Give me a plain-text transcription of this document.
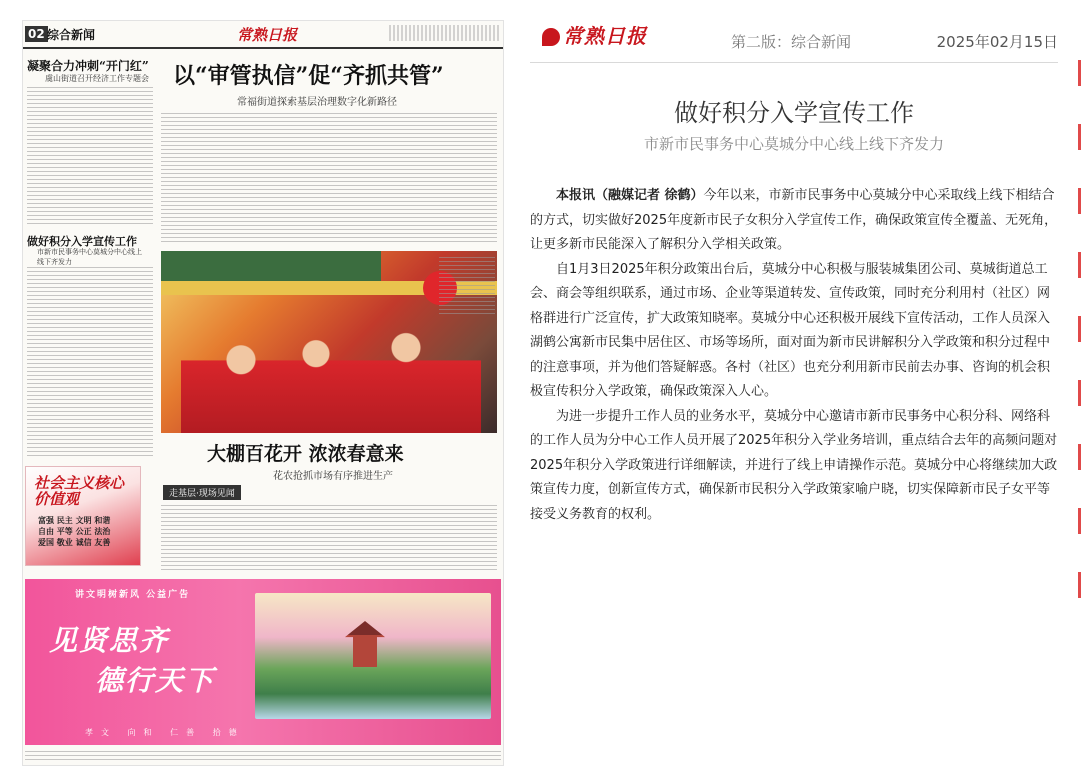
02 综合新闻	常熟日报
凝聚合力冲刺“开门红”
虞山街道召开经济工作专题会 以“审管执信”促“齐抓共管”
常福街道探索基层治理数字化新路径
做好积分入学宣传工作
市新市民事务中心莫城分中心线上线下齐发力
大棚百花开 浓浓春意来
花农抢抓市场有序推进生产
走基层·现场见闻
社会主义核心价值观
富强 民主 文明 和谐
自由 平等 公正 法治
爱国 敬业 诚信 友善
讲文明树新风 公益广告
见贤思齐
德行天下
孝文 向和 仁善 拾德
常熟日报	第二版：综合新闻	2025年02月15日
做好积分入学宣传工作
市新市民事务中心莫城分中心线上线下齐发力

本报讯（融媒记者 徐鹤）今年以来，市新市民事务中心莫城分中心采取线上线下相结合的方式，切实做好2025年度新市民子女积分入学宣传工作，确保政策宣传全覆盖、无死角，让更多新市民能深入了解积分入学相关政策。

自1月3日2025年积分政策出台后，莫城分中心积极与服装城集团公司、莫城街道总工会、商会等组织联系，通过市场、企业等渠道转发、宣传政策，同时充分利用村（社区）网格群进行广泛宣传，扩大政策知晓率。莫城分中心还积极开展线下宣传活动，工作人员深入湖鹤公寓新市民集中居住区、市场等场所，面对面为新市民讲解积分入学政策和积分过程中的注意事项，并为他们答疑解惑。各村（社区）也充分利用新市民前去办事、咨询的机会积极宣传积分入学政策，确保政策深入人心。

为进一步提升工作人员的业务水平，莫城分中心邀请市新市民事务中心积分科、网络科的工作人员为分中心工作人员开展了2025年积分入学业务培训，重点结合去年的高频问题对2025年积分入学政策进行详细解读，并进行了线上申请操作示范。莫城分中心将继续加大政策宣传力度，创新宣传方式，确保新市民积分入学政策家喻户晓，切实保障新市民子女平等接受义务教育的权利。
